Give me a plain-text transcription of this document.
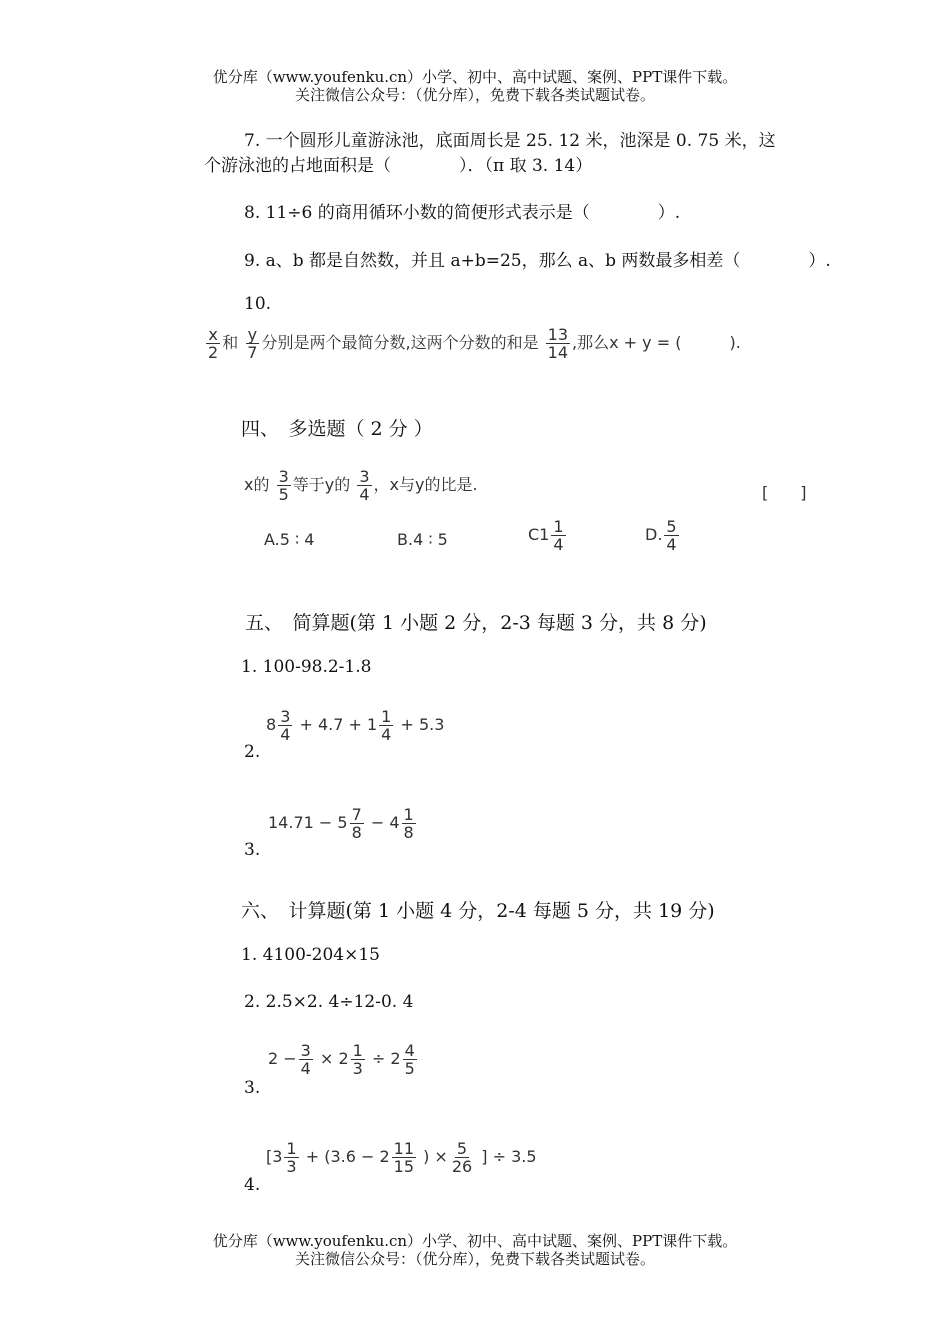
优分库（www.youfenku.cn）小学、初中、高中试题、案例、PPT课件下载。
关注微信公众号：（优分库），免费下载各类试题试卷。
7. 一个圆形儿童游泳池，底面周长是 25. 12 米，池深是 0. 75 米，这
个游泳池的占地面积是（　　　　）．（π 取 3. 14）
8. 11÷6 的商用循环小数的简便形式表示是（　　　　）.
9. a、b 都是自然数，并且 a+b=25，那么 a、b 两数最多相差（　　　　）.
10.
$\frac{x}{2}$ 和 $\frac{y}{7}$ 分别是两个最简分数,这两个分数的和是 $\frac{13}{14}$ ,那么x + y = (　　　).
四、　多选题（ 2 分 ）
x的 $\frac{3}{5}$ 等于y的 $\frac{3}{4}$ ，x与y的比是.	[　　]
A.5 ∶ 4	B.4 ∶ 5	$C1 \frac{1}{4}$	D. $\frac{5}{4}$
五、　简算题(第 1 小题 2 分，2-3 每题 3 分，共 8 分)
1. 100-98.2-1.8
$8 \frac{3}{4} + 4.7 + 1 \frac{1}{4} + 5.3$
2.
$14.71 - 5 \frac{7}{8} - 4 \frac{1}{8}$
3.
六、　计算题(第 1 小题 4 分，2-4 每题 5 分，共 19 分)
1. 4100-204×15
2. 2.5×2. 4÷12-0. 4
$2 - \frac{3}{4} \times 2 \frac{1}{3} \div 2 \frac{4}{5}$
3.
[$3 \frac{1}{3} + (3.6 - 2 \frac{11}{15}$ ) × $\frac{5}{26}$ ] ÷ 3.5
4.
优分库（www.youfenku.cn）小学、初中、高中试题、案例、PPT课件下载。
关注微信公众号：（优分库），免费下载各类试题试卷。
